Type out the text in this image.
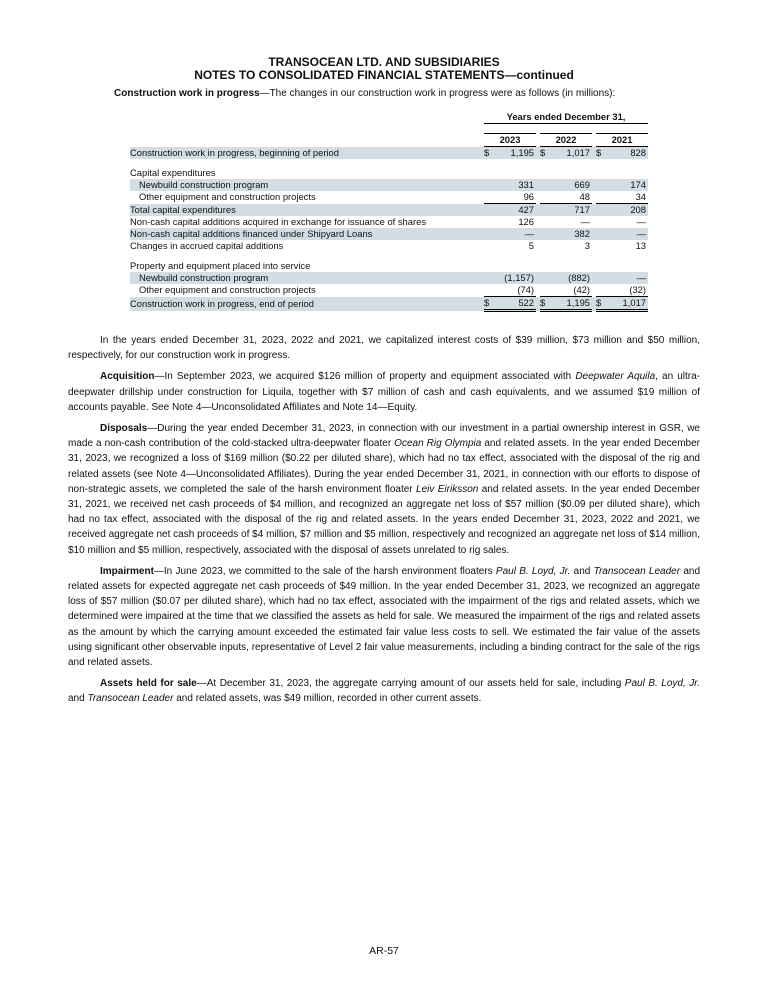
TRANSOCEAN LTD. AND SUBSIDIARIES
NOTES TO CONSOLIDATED FINANCIAL STATEMENTS—continued
Construction work in progress—The changes in our construction work in progress were as follows (in millions):
	Years ended December 31,							

	2023			2022			2021	
Construction work in progress, beginning of period	$	1,195		$	1,017		$	828

Capital expenditures								
Newbuild construction program		331			669			174
Other equipment and construction projects		96			48			34
Total capital expenditures		427			717			208
Non-cash capital additions acquired in exchange for issuance of shares		126			—			—
Non-cash capital additions financed under Shipyard Loans		—			382			—
Changes in accrued capital additions		5			3			13

Property and equipment placed into service								
Newbuild construction program		(1,157)			(882)			—
Other equipment and construction projects		(74)			(42)			(32)
Construction work in progress, end of period	$	522		$	1,195		$	1,017

In the years ended December 31, 2023, 2022 and 2021, we capitalized interest costs of $39 million, $73 million and $50 million, respectively, for our construction work in progress.

Acquisition—In September 2023, we acquired $126 million of property and equipment associated with Deepwater Aquila, an ultra-deepwater drillship under construction for Liquila, together with $7 million of cash and cash equivalents, and we assumed $19 million of accounts payable. See Note 4—Unconsolidated Affiliates and Note 14—Equity.

Disposals—During the year ended December 31, 2023, in connection with our investment in a partial ownership interest in GSR, we made a non-cash contribution of the cold-stacked ultra-deepwater floater Ocean Rig Olympia and related assets. In the year ended December 31, 2023, we recognized a loss of $169 million ($0.22 per diluted share), which had no tax effect, associated with the disposal of the rig and related assets (see Note 4—Unconsolidated Affiliates). During the year ended December 31, 2021, in connection with our efforts to dispose of non-strategic assets, we completed the sale of the harsh environment floater Leiv Eiriksson and related assets. In the year ended December 31, 2021, we received net cash proceeds of $4 million, and recognized an aggregate net loss of $57 million ($0.09 per diluted share), which had no tax effect, associated with the disposal of the rig and related assets. In the years ended December 31, 2023, 2022 and 2021, we received aggregate net cash proceeds of $4 million, $7 million and $5 million, respectively and recognized an aggregate net loss of $14 million, $10 million and $5 million, respectively, associated with the disposal of assets unrelated to rig sales.

Impairment—In June 2023, we committed to the sale of the harsh environment floaters Paul B. Loyd, Jr. and Transocean Leader and related assets for expected aggregate net cash proceeds of $49 million. In the year ended December 31, 2023, we recognized an aggregate loss of $57 million ($0.07 per diluted share), which had no tax effect, associated with the impairment of the rigs and related assets, which we determined were impaired at the time that we classified the assets as held for sale. We measured the impairment of the rigs and related assets as the amount by which the carrying amount exceeded the estimated fair value less costs to sell. We estimated the fair value of the assets using significant other observable inputs, representative of Level 2 fair value measurements, including a binding contract for the sale of the rigs and related assets.

Assets held for sale—At December 31, 2023, the aggregate carrying amount of our assets held for sale, including Paul B. Loyd, Jr. and Transocean Leader and related assets, was $49 million, recorded in other current assets.

AR-57
